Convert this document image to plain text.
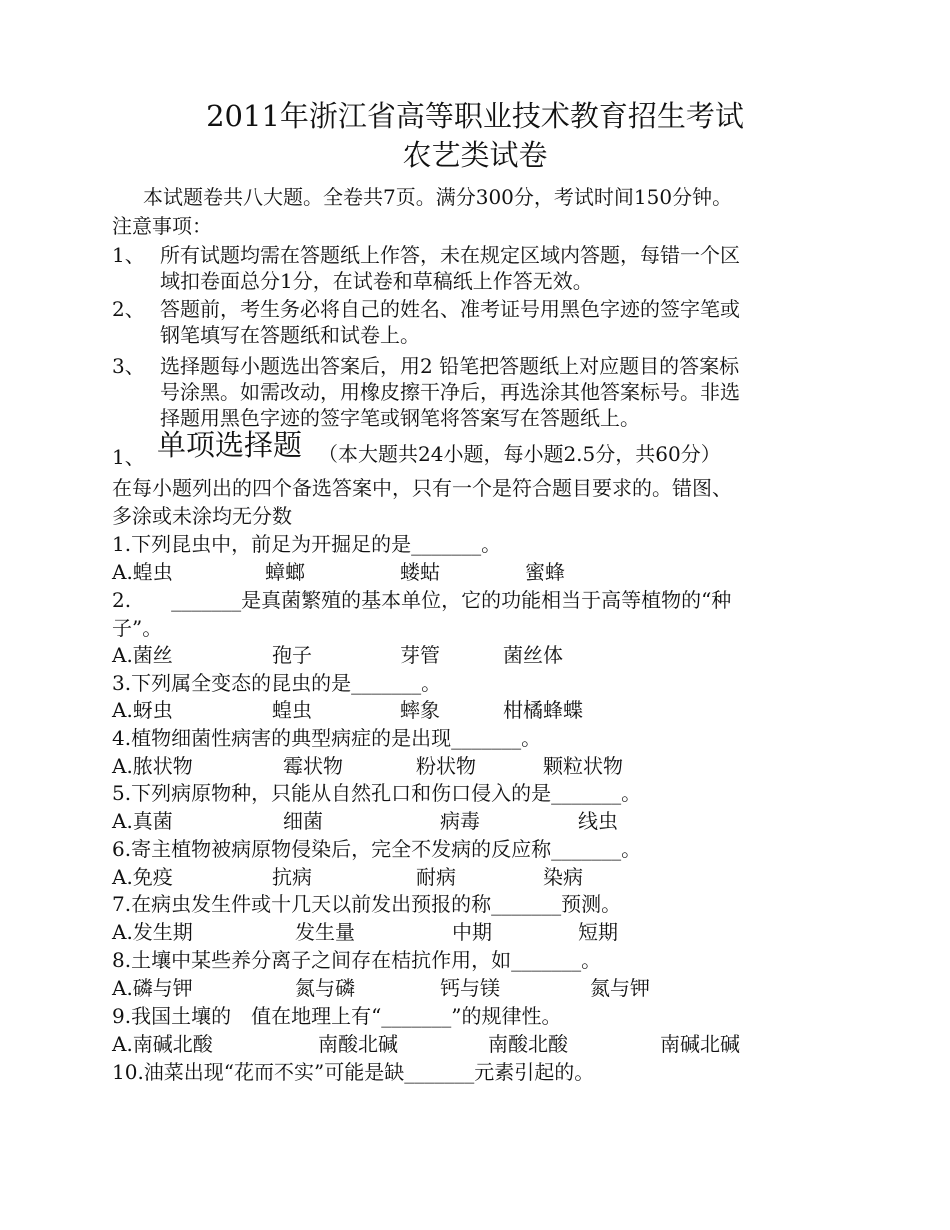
2011年浙江省高等职业技术教育招生考试
农艺类试卷
本试题卷共八大题。全卷共7页。满分300分，考试时间150分钟。
注意事项：
1、 所有试题均需在答题纸上作答，未在规定区域内答题，每错一个区
域扣卷面总分1分，在试卷和草稿纸上作答无效。
2、 答题前，考生务必将自己的姓名、准考证号用黑色字迹的签字笔或
钢笔填写在答题纸和试卷上。
3、 选择题每小题选出答案后，用2 铅笔把答题纸上对应题目的答案标
号涂黑。如需改动，用橡皮擦干净后，再选涂其他答案标号。非选
择题用黑色字迹的签字笔或钢笔将答案写在答题纸上。
1、 单项选择题 （本大题共24小题，每小题2.5分，共60分）
在每小题列出的四个备选答案中，只有一个是符合题目要求的。错图、
多涂或未涂均无分数
1.下列昆虫中，前足为开掘足的是_______。
A.蝗虫	蟑螂	蝼蛄	蜜蜂
2.　　_______是真菌繁殖的基本单位，它的功能相当于高等植物的“种
子”。
A.菌丝	孢子	芽管	菌丝体
3.下列属全变态的昆虫的是_______。
A.蚜虫	蝗虫	蟀象	柑橘蜂蝶
4.植物细菌性病害的典型病症的是出现_______。
A.脓状物	霉状物	粉状物	颗粒状物
5.下列病原物种，只能从自然孔口和伤口侵入的是_______。
A.真菌	细菌	病毒	线虫
6.寄主植物被病原物侵染后，完全不发病的反应称_______。
A.免疫	抗病	耐病	染病
7.在病虫发生件或十几天以前发出预报的称_______预测。
A.发生期	发生量	中期	短期
8.土壤中某些养分离子之间存在桔抗作用，如_______。
A.磷与钾	氮与磷	钙与镁	氮与钾
9.我国土壤的　值在地理上有“_______”的规律性。
A.南碱北酸	南酸北碱	南酸北酸	南碱北碱
10.油菜出现“花而不实”可能是缺_______元素引起的。
